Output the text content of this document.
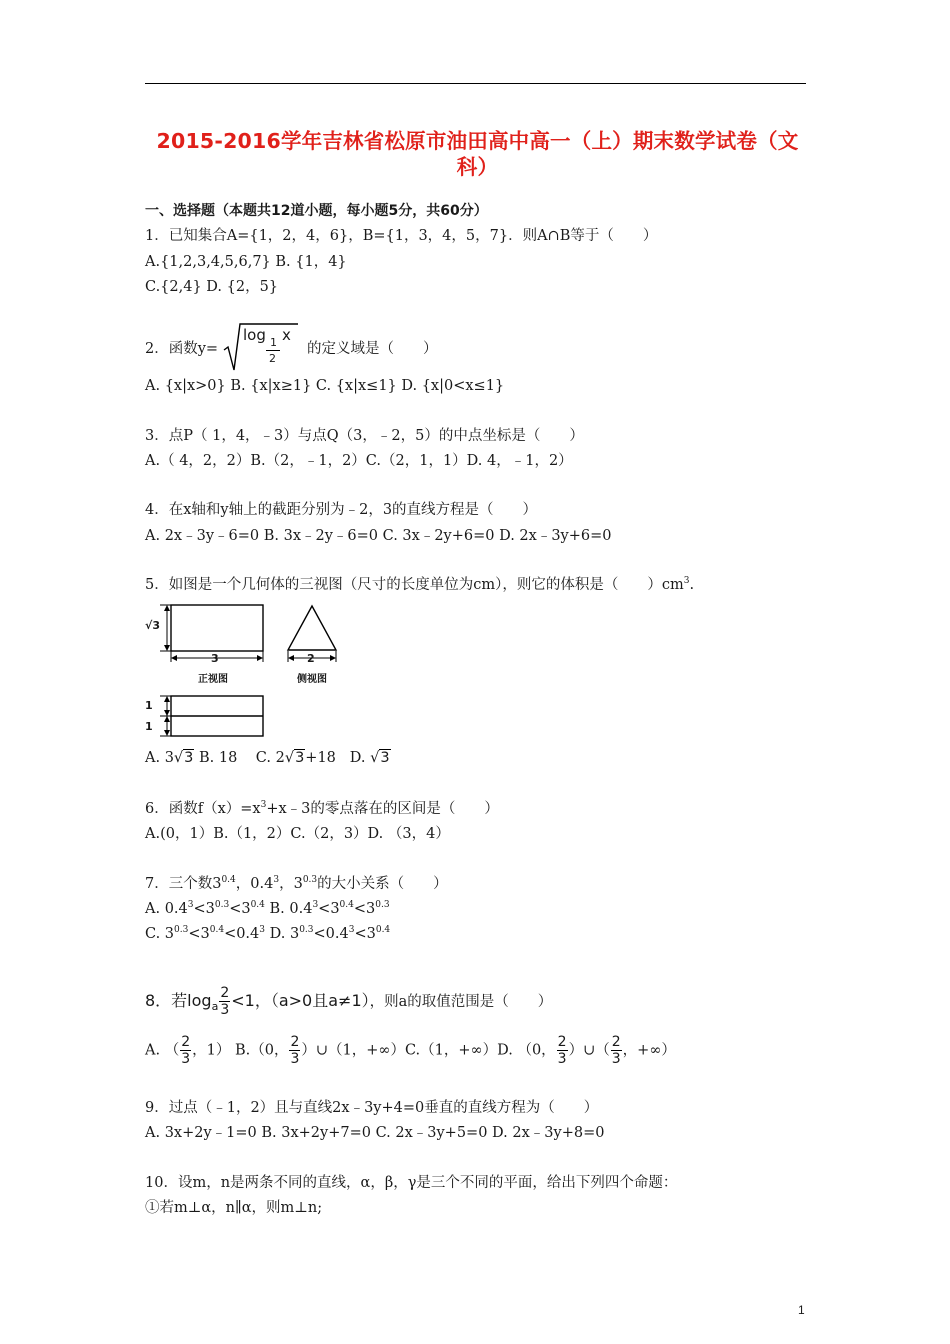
2015-2016学年吉林省松原市油田高中高一（上）期末数学试卷（文
科）
一、选择题（本题共12道小题，每小题5分，共60分）
1．已知集合A={1，2，4，6}，B={1，3，4，5，7}．则A∩B等于（　　）
A.{1,2,3,4,5,6,7} B. {1，4}
C.{2,4} D. {2，5}
2．函数y=
log 1
2
x
的定义域是（　　）
A. {x|x>0} B. {x|x≥1} C. {x|x≤1} D. {x|0<x≤1}
3．点P（ 1，4，﹣3）与点Q（3，﹣2，5）的中点坐标是（　　）
A.（ 4，2，2）B.（2，﹣1，2）C.（2，1，1）D. 4，﹣1，2）
4．在x轴和y轴上的截距分别为﹣2，3的直线方程是（　　）
A. 2x﹣3y﹣6=0 B. 3x﹣2y﹣6=0 C. 3x﹣2y+6=0 D. 2x﹣3y+6=0
5．如图是一个几何体的三视图（尺寸的长度单位为cm），则它的体积是（　　）$cm^3$.
√3
3
正视图
2
侧视图
1
1
A. 3√3 B. 18 C. 2√3+18 D. √3
6．函数$f(x)=x^3+x﹣3$的零点落在的区间是（　　）
A.(0，1）B.（1，2）C.（2，3）D. （3，4）
7．三个数$3^{0.4}$，$0.4^3$，$3^{0.3}$的大小关系（　　）
A. $0.4^3<3^{0.3}<3^{0.4}$ B. $0.4^3<3^{0.4}<3^{0.3}$
C. $3^{0.3}<3^{0.4}<0.4^3$ D. $3^{0.3}<0.4^3<3^{0.4}$
8．若$\log_a \frac{2}{3} <1$，（a>0且a≠1），则a的取值范围是（　　）
A. （ $\frac{2}{3}$ ，1） B.（0， $\frac{2}{3}$ ）∪（1，+∞）C.（1，+∞）D. （0， $\frac{2}{3}$ ）∪（ $\frac{2}{3}$ ，+∞）
9．过点（﹣1，2）且与直线2x﹣3y+4=0垂直的直线方程为（　　）
A. 3x+2y﹣1=0 B. 3x+2y+7=0 C. 2x﹣3y+5=0 D. 2x﹣3y+8=0
10．设m，n是两条不同的直线，α，β，γ是三个不同的平面，给出下列四个命题：
①若m⊥α，n∥α，则m⊥n;
1
